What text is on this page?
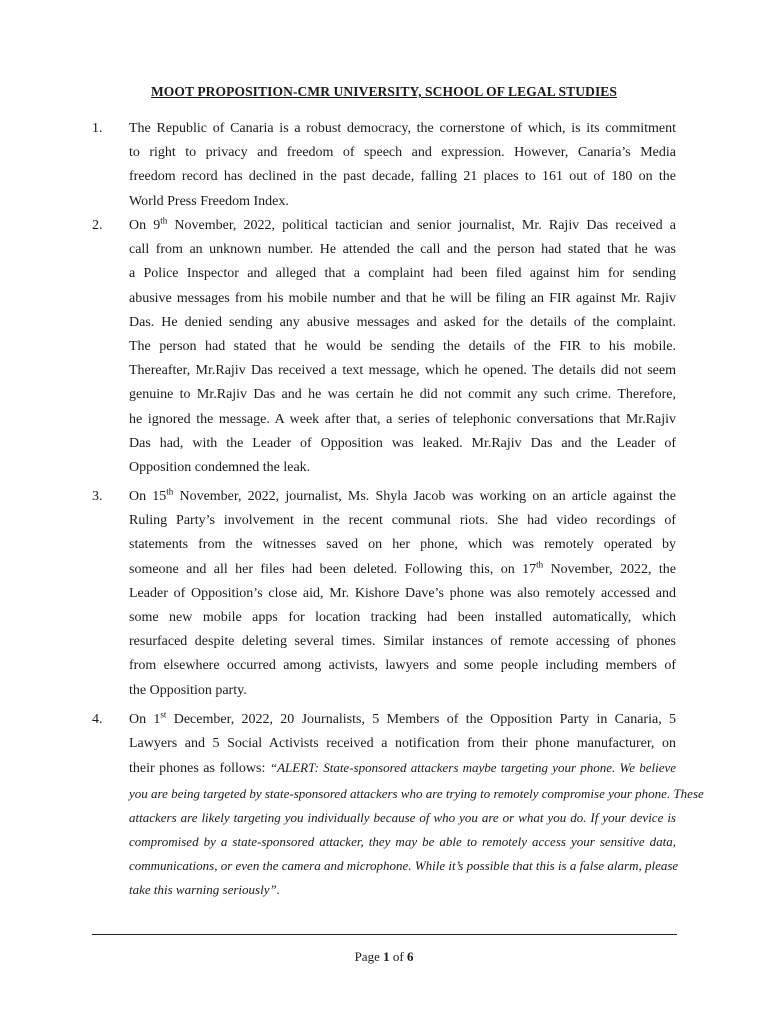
MOOT PROPOSITION-CMR UNIVERSITY, SCHOOL OF LEGAL STUDIES
1.	The Republic of Canaria is a robust democracy, the cornerstone of which, is its commitment
to right to privacy and freedom of speech and expression. However, Canaria’s Media
freedom record has declined in the past decade, falling 21 places to 161 out of 180 on the
World Press Freedom Index.
2.	On 9th November, 2022, political tactician and senior journalist, Mr. Rajiv Das received a
call from an unknown number. He attended the call and the person had stated that he was
a Police Inspector and alleged that a complaint had been filed against him for sending
abusive messages from his mobile number and that he will be filing an FIR against Mr. Rajiv
Das. He denied sending any abusive messages and asked for the details of the complaint.
The person had stated that he would be sending the details of the FIR to his mobile.
Thereafter, Mr.Rajiv Das received a text message, which he opened. The details did not seem
genuine to Mr.Rajiv Das and he was certain he did not commit any such crime. Therefore,
he ignored the message. A week after that, a series of telephonic conversations that Mr.Rajiv
Das had, with the Leader of Opposition was leaked. Mr.Rajiv Das and the Leader of
Opposition condemned the leak.
3.	On 15th November, 2022, journalist, Ms. Shyla Jacob was working on an article against the
Ruling Party’s involvement in the recent communal riots. She had video recordings of
statements from the witnesses saved on her phone, which was remotely operated by
someone and all her files had been deleted. Following this, on 17th November, 2022, the
Leader of Opposition’s close aid, Mr. Kishore Dave’s phone was also remotely accessed and
some new mobile apps for location tracking had been installed automatically, which
resurfaced despite deleting several times. Similar instances of remote accessing of phones
from elsewhere occurred among activists, lawyers and some people including members of
the Opposition party.
4.	On 1st December, 2022, 20 Journalists, 5 Members of the Opposition Party in Canaria, 5
Lawyers and 5 Social Activists received a notification from their phone manufacturer, on
their phones as follows: “ALERT: State-sponsored attackers maybe targeting your phone. We believe
you are being targeted by state-sponsored attackers who are trying to remotely compromise your phone. These
attackers are likely targeting you individually because of who you are or what you do. If your device is
compromised by a state-sponsored attacker, they may be able to remotely access your sensitive data,
communications, or even the camera and microphone. While it’s possible that this is a false alarm, please
take this warning seriously”.
Page 1 of 6
